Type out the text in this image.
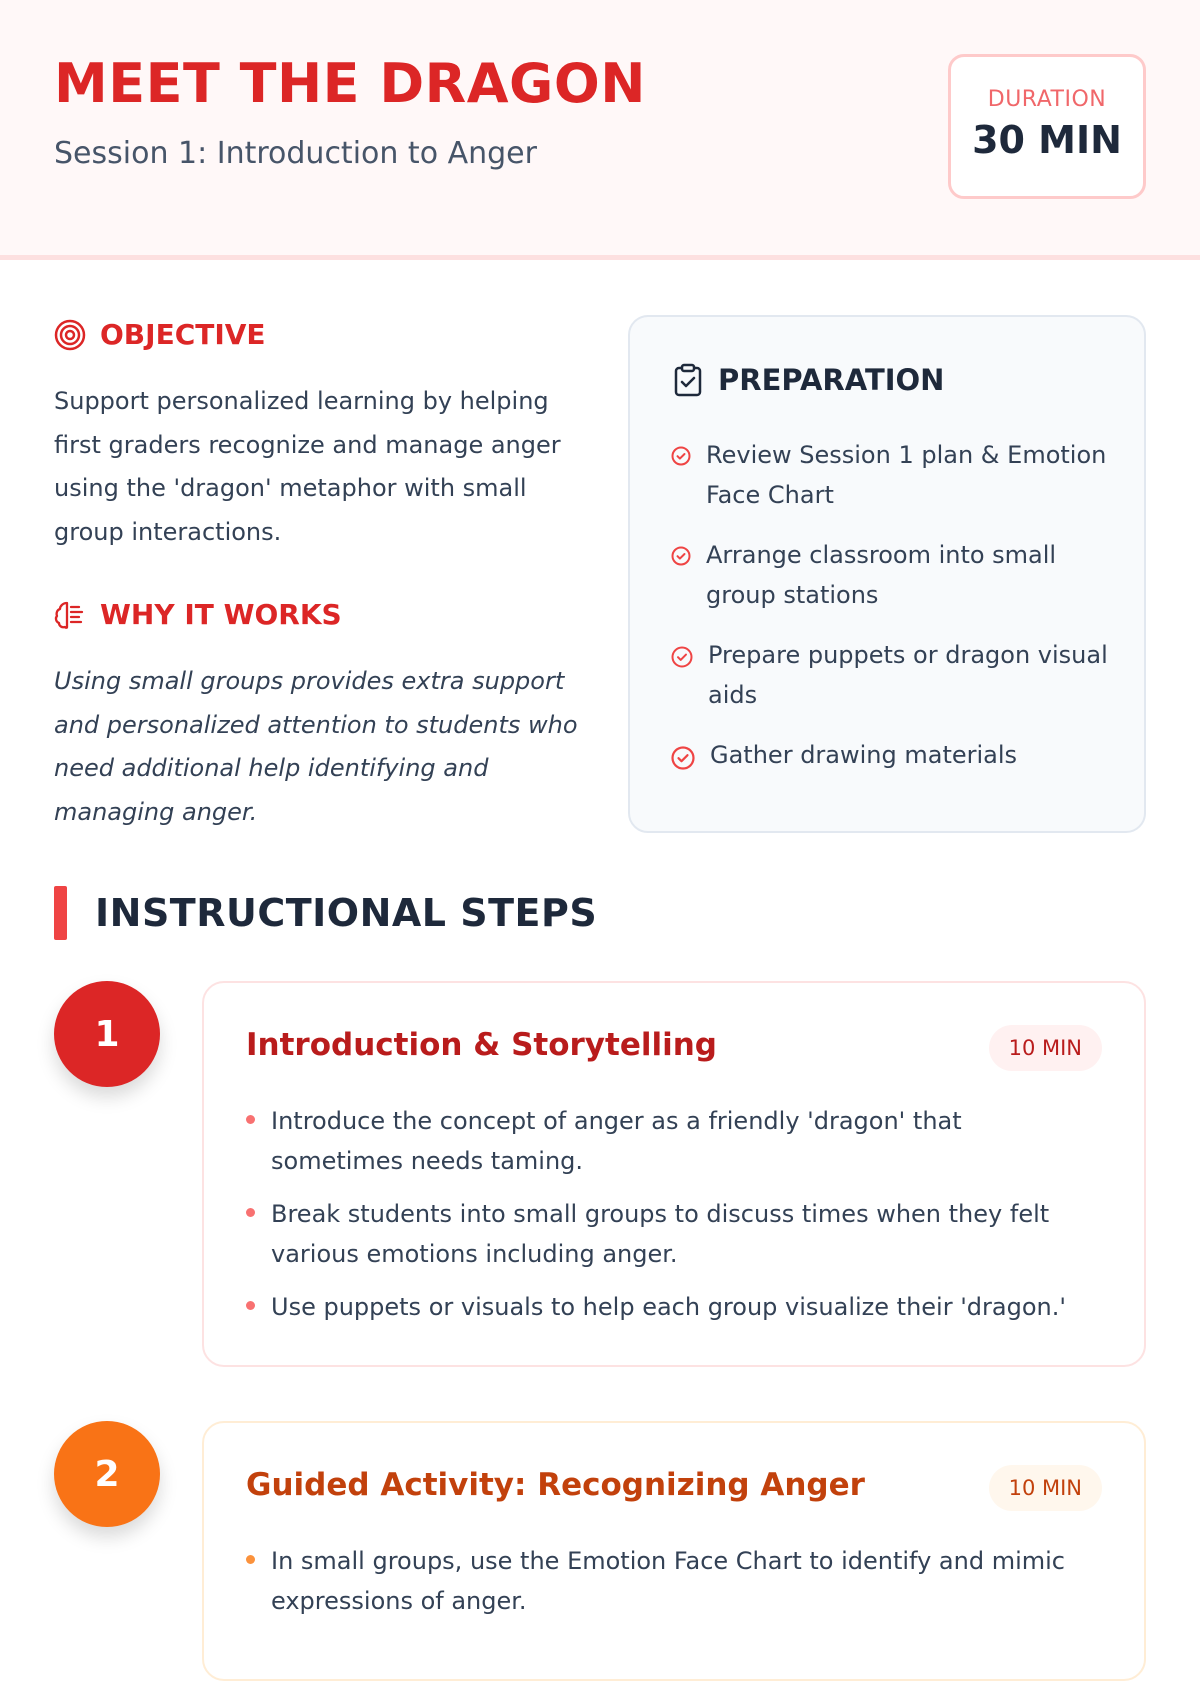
MEET THE DRAGON
Session 1: Introduction to Anger
DURATION
30 MIN
OBJECTIVE
Support personalized learning by helping first graders recognize and manage anger using the 'dragon' metaphor with small group interactions.
WHY IT WORKS
Using small groups provides extra support and personalized attention to students who need additional help identifying and managing anger.
PREPARATION
Review Session 1 plan & Emotion Face Chart
Arrange classroom into small group stations
Prepare puppets or dragon visual aids
Gather drawing materials
INSTRUCTIONAL STEPS
1	Introduction & Storytelling	10 MIN
Introduce the concept of anger as a friendly 'dragon' that sometimes needs taming.
Break students into small groups to discuss times when they felt various emotions including anger.
Use puppets or visuals to help each group visualize their 'dragon.'
2	Guided Activity: Recognizing Anger	10 MIN
In small groups, use the Emotion Face Chart to identify and mimic expressions of anger.
